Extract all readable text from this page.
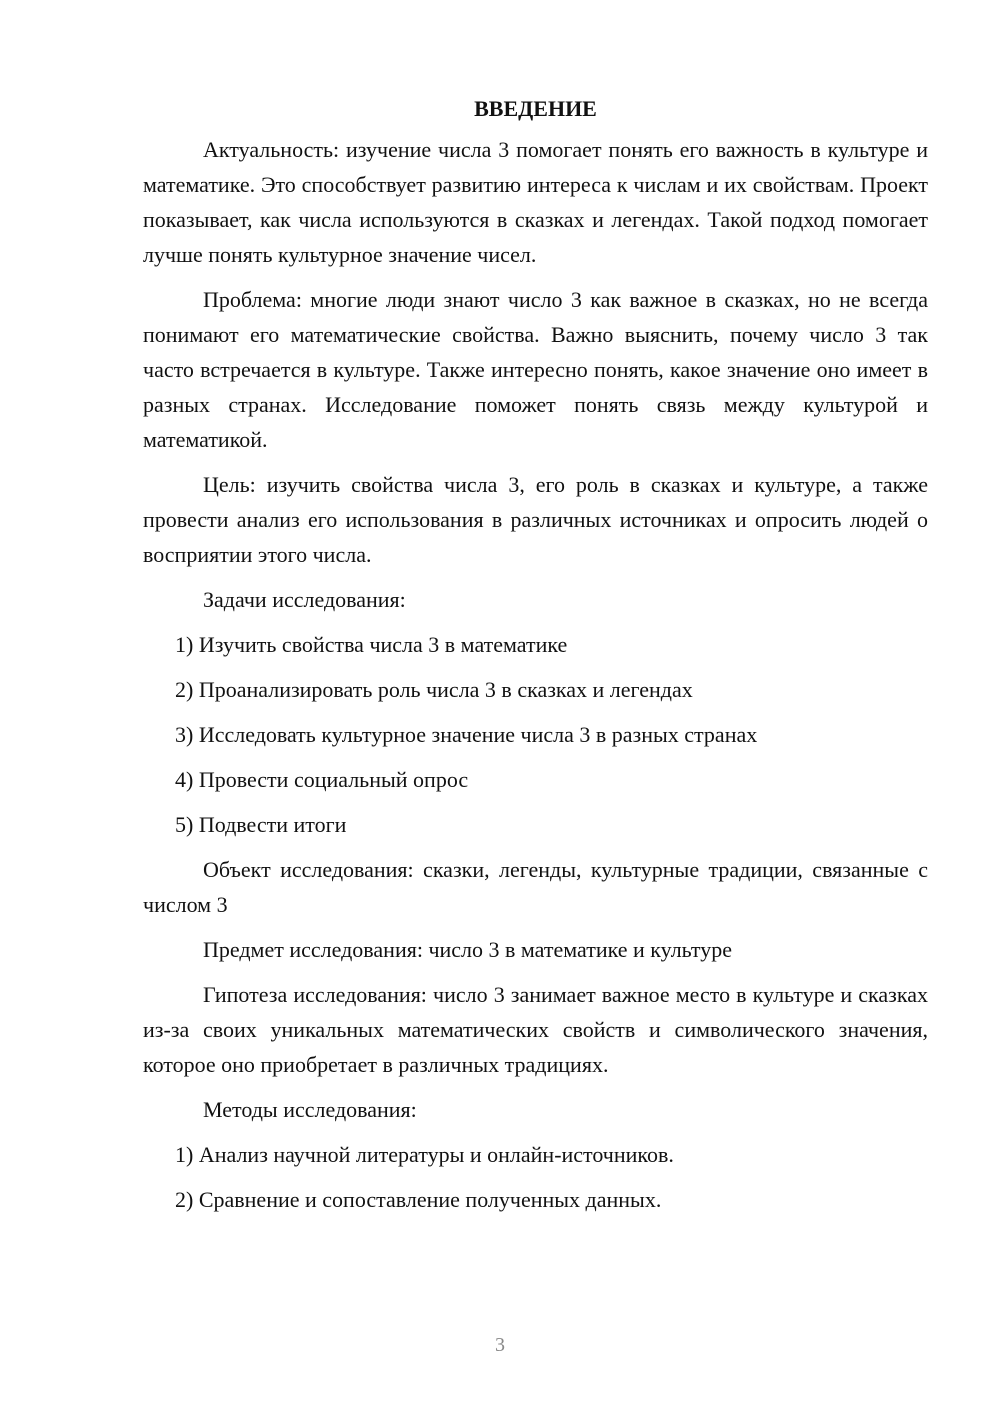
ВВЕДЕНИЕ

Актуальность: изучение числа 3 помогает понять его важность в культуре и математике. Это способствует развитию интереса к числам и их свойствам. Проект показывает, как числа используются в сказках и легендах. Такой подход помогает лучше понять культурное значение чисел.

Проблема: многие люди знают число 3 как важное в сказках, но не всегда понимают его математические свойства. Важно выяснить, почему число 3 так часто встречается в культуре. Также интересно понять, какое значение оно имеет в разных странах. Исследование поможет понять связь между культурой и математикой.

Цель: изучить свойства числа 3, его роль в сказках и культуре, а также провести анализ его использования в различных источниках и опросить людей о восприятии этого числа.

Задачи исследования:

1) Изучить свойства числа 3 в математике
2) Проанализировать роль числа 3 в сказках и легендах
3) Исследовать культурное значение числа 3 в разных странах
4) Провести социальный опрос
5) Подвести итоги

Объект исследования: сказки, легенды, культурные традиции, связанные с числом 3

Предмет исследования: число 3 в математике и культуре

Гипотеза исследования: число 3 занимает важное место в культуре и сказках из-за своих уникальных математических свойств и символического значения, которое оно приобретает в различных традициях.

Методы исследования:

1) Анализ научной литературы и онлайн-источников.
2) Сравнение и сопоставление полученных данных.
3
